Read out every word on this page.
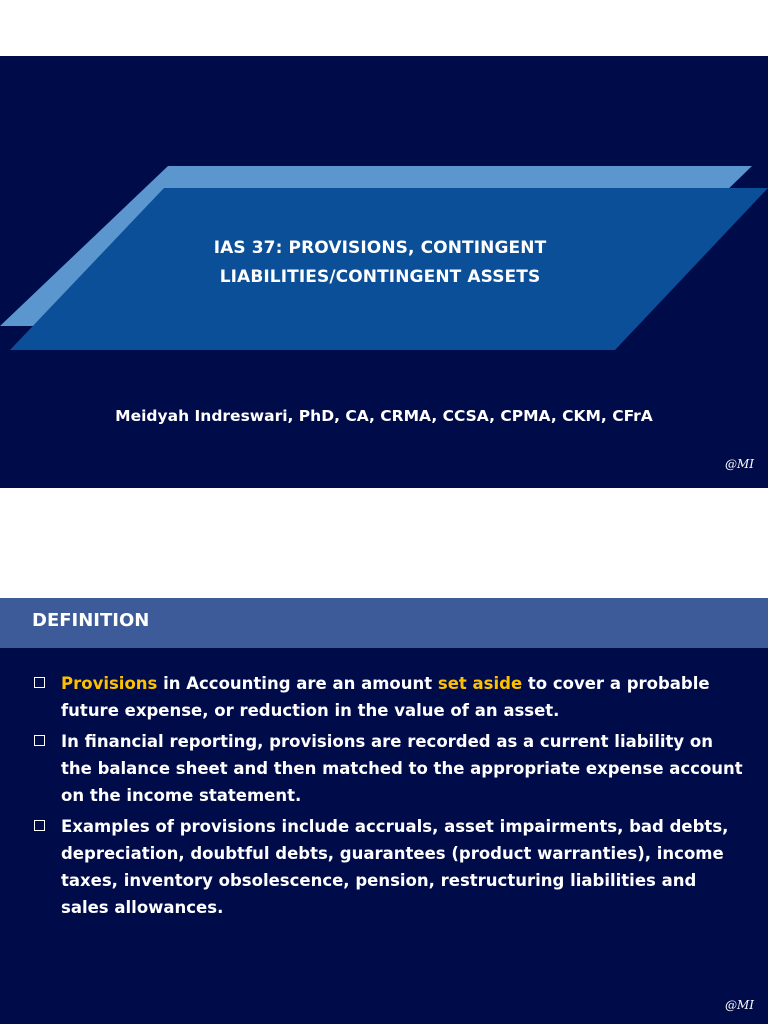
IAS 37: PROVISIONS, CONTINGENT
LIABILITIES/CONTINGENT ASSETS
Meidyah Indreswari, PhD, CA, CRMA, CCSA, CPMA, CKM, CFrA
@MI
DEFINITION
Provisions in Accounting are an amount set aside to cover a probable future expense, or reduction in the value of an asset.
In financial reporting, provisions are recorded as a current liability on the balance sheet and then matched to the appropriate expense account on the income statement.
Examples of provisions include accruals, asset impairments, bad debts, depreciation, doubtful debts, guarantees (product warranties), income taxes, inventory obsolescence, pension, restructuring liabilities and sales allowances.
@MI
